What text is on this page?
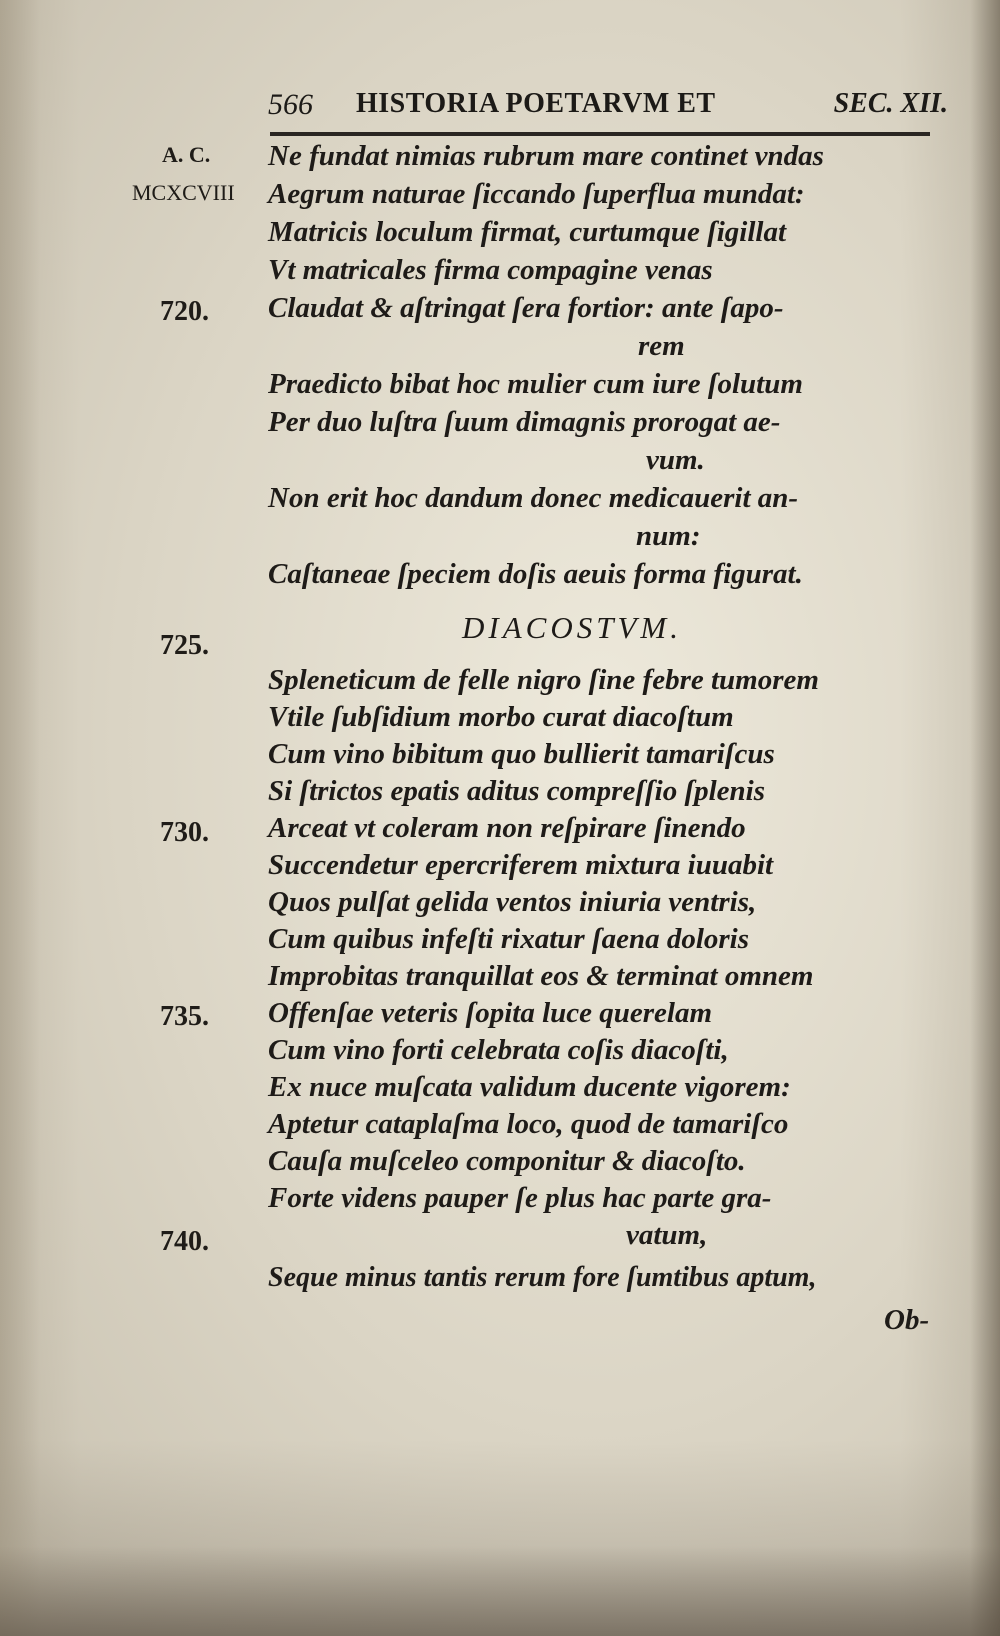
566 HISTORIA POETARVM ET	SEC. XII.
A. C.
MCXCVIII
720.
725.
730.
735.
740.
Ne fundat nimias rubrum mare continet vndas
Aegrum naturae ſiccando ſuperflua mundat:
Matricis loculum firmat, curtumque ſigillat
Vt matricales firma compagine venas
Claudat & aſtringat ſera fortior: ante ſapo-
rem
Praedicto bibat hoc mulier cum iure ſolutum
Per duo luſtra ſuum dimagnis prorogat ae-
vum.
Non erit hoc dandum donec medicauerit an-
num:
Caſtaneae ſpeciem doſis aeuis forma figurat.
DIACOSTVM.
Spleneticum de felle nigro ſine febre tumorem
Vtile ſubſidium morbo curat diacoſtum
Cum vino bibitum quo bullierit tamariſcus
Si ſtrictos epatis aditus compreſſio ſplenis
Arceat vt coleram non reſpirare ſinendo
Succendetur epercriferem mixtura iuuabit
Quos pulſat gelida ventos iniuria ventris,
Cum quibus infeſti rixatur ſaena doloris
Improbitas tranquillat eos & terminat omnem
Offenſae veteris ſopita luce querelam
Cum vino forti celebrata coſis diacoſti,
Ex nuce muſcata validum ducente vigorem:
Aptetur cataplaſma loco, quod de tamariſco
Cauſa muſceleo componitur & diacoſto.
Forte videns pauper ſe plus hac parte gra-
vatum,
Seque minus tantis rerum fore ſumtibus aptum,
Ob-
